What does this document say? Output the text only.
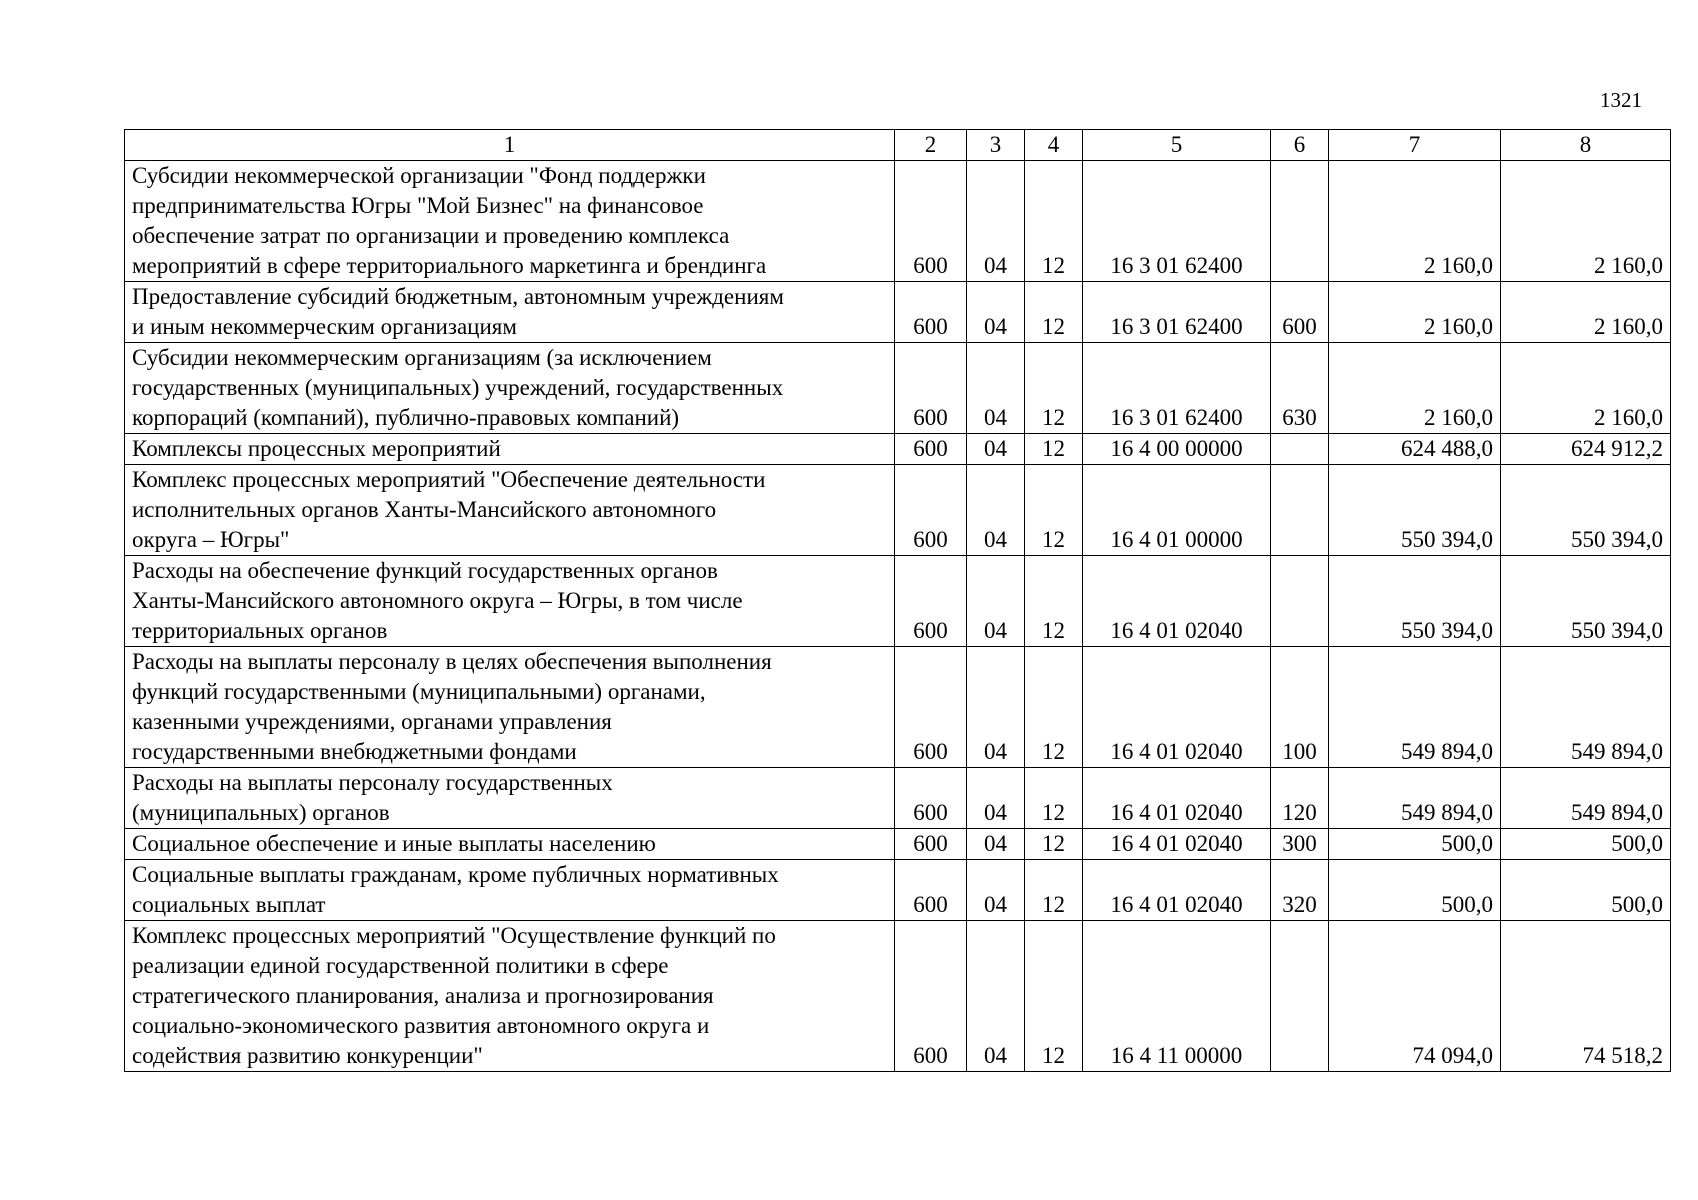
1321
1	2	3	4	5	6	7	8

Субсидии некоммерческой организации "Фонд поддержки
предпринимательства Югры "Мой Бизнес" на финансовое
обеспечение затрат по организации и проведению комплекса
мероприятий в сфере территориального маркетинга и брендинга	600	04	12	16 3 01 62400		2 160,0	2 160,0

Предоставление субсидий бюджетным, автономным учреждениям
и иным некоммерческим организациям	600	04	12	16 3 01 62400	600	2 160,0	2 160,0

Субсидии некоммерческим организациям (за исключением
государственных (муниципальных) учреждений, государственных
корпораций (компаний), публично-правовых компаний)	600	04	12	16 3 01 62400	630	2 160,0	2 160,0

Комплексы процессных мероприятий	600	04	12	16 4 00 00000		624 488,0	624 912,2

Комплекс процессных мероприятий "Обеспечение деятельности
исполнительных органов Ханты-Мансийского автономного
округа – Югры"	600	04	12	16 4 01 00000		550 394,0	550 394,0

Расходы на обеспечение функций государственных органов
Ханты-Мансийского автономного округа – Югры, в том числе
территориальных органов	600	04	12	16 4 01 02040		550 394,0	550 394,0

Расходы на выплаты персоналу в целях обеспечения выполнения
функций государственными (муниципальными) органами,
казенными учреждениями, органами управления
государственными внебюджетными фондами	600	04	12	16 4 01 02040	100	549 894,0	549 894,0

Расходы на выплаты персоналу государственных
(муниципальных) органов	600	04	12	16 4 01 02040	120	549 894,0	549 894,0

Социальное обеспечение и иные выплаты населению	600	04	12	16 4 01 02040	300	500,0	500,0

Социальные выплаты гражданам, кроме публичных нормативных
социальных выплат	600	04	12	16 4 01 02040	320	500,0	500,0

Комплекс процессных мероприятий "Осуществление функций по
реализации единой государственной политики в сфере
стратегического планирования, анализа и прогнозирования
социально-экономического развития автономного округа и
содействия развитию конкуренции"	600	04	12	16 4 11 00000		74 094,0	74 518,2
